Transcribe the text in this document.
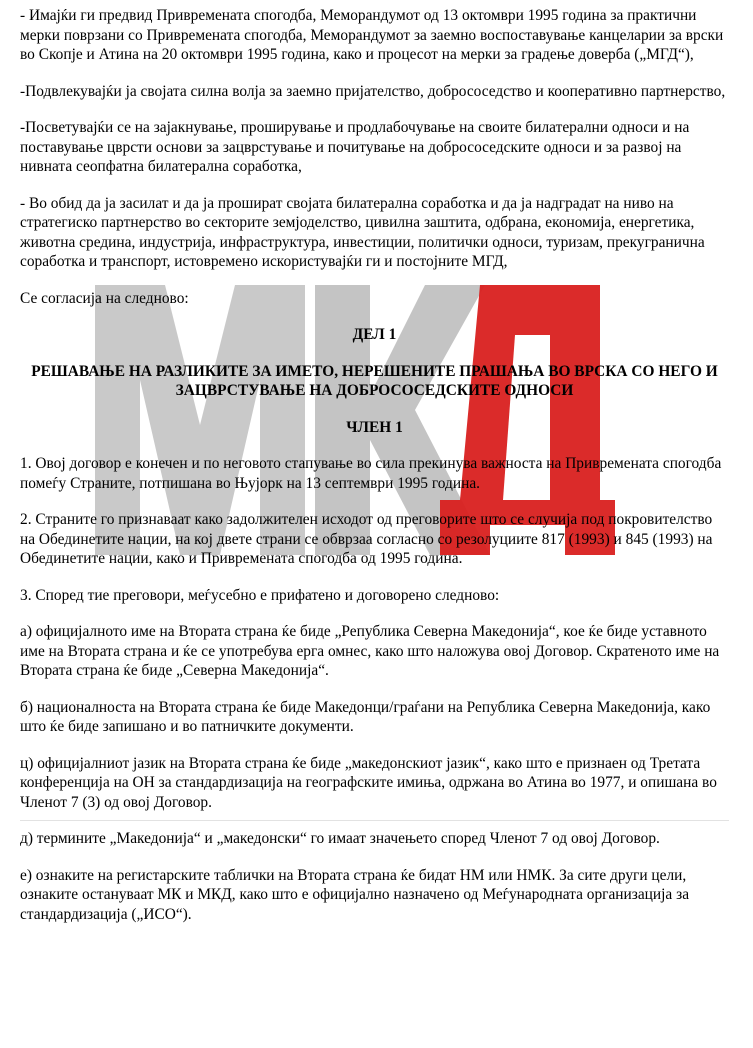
- Имајќи ги предвид Привремената спогодба, Меморандумот од 13 октомври 1995 година за практични мерки поврзани со Привремената спогодба, Меморандумот за заемно воспоставување канцеларии за врски во Скопје и Атина на 20 октомври 1995 година, како и процесот на мерки за градење доверба („МГД“),

-Подвлекувајќи ја својата силна волја за заемно пријателство, добрососедство и кооперативно партнерство,

-Посветувајќи се на зајакнување, проширување и продлабочување на своите билатерални односи и на поставување цврсти основи за зацврстување и почитување на добрососедските односи и за развој на нивната сеопфатна билатерална соработка,

- Во обид да ја засилат и да ја прошират својата билатерална соработка и да ја надградат на ниво на стратегиско партнерство во секторите земјоделство, цивилна заштита, одбрана, економија, енергетика, животна средина, индустрија, инфраструктура, инвестиции, политички односи, туризам, прекугранична соработка и транспорт, истовремено искористувајќи ги и постојните МГД,

Се согласија на следново:

ДЕЛ 1

РЕШАВАЊЕ НА РАЗЛИКИТЕ ЗА ИМЕТО, НЕРЕШЕНИТЕ ПРАШАЊА ВО ВРСКА СО НЕГО И ЗАЦВРСТУВАЊЕ НА ДОБРОСОСЕДСКИТЕ ОДНОСИ

ЧЛЕН 1

1. Овој договор е конечен и по неговото стапување во сила прекинува важноста на Привремената спогодба помеѓу Страните, потпишана во Њујорк на 13 септември 1995 година.

2. Страните го признаваат како задолжителен исходот од преговорите што се случија под покровителство на Обединетите нации, на кој двете страни се обврзаа согласно со резолуциите 817 (1993) и 845 (1993) на Обединетите нации, како и Привремената спогодба од 1995 година.

3. Според тие преговори, меѓусебно е прифатено и договорено следново:

а) официјалното име на Втората страна ќе биде „Република Северна Македонија“, кое ќе биде уставното име на Втората страна и ќе се употребува ерга омнес, како што наложува овој Договор. Скратеното име на Втората страна ќе биде „Северна Македонија“.

б) националноста на Втората страна ќе биде Македонци/граѓани на Република Северна Македонија, како што ќе биде запишано и во патничките документи.

ц) официјалниот јазик на Втората страна ќе биде „македонскиот јазик“, како што е признаен од Третата конференција на ОН за стандардизација на географските имиња, одржана во Атина во 1977, и опишана во Членот 7 (3) од овој Договор.

д) термините „Македонија“ и „македонски“ го имаат значењето според Членот 7 од овој Договор.

е) ознаките на регистарските таблички на Втората страна ќе бидат НМ или НМК. За сите други цели, ознаките остануваат МК и МКД, како што е официјално назначено од Меѓународната организација за стандардизација („ИСО“).
